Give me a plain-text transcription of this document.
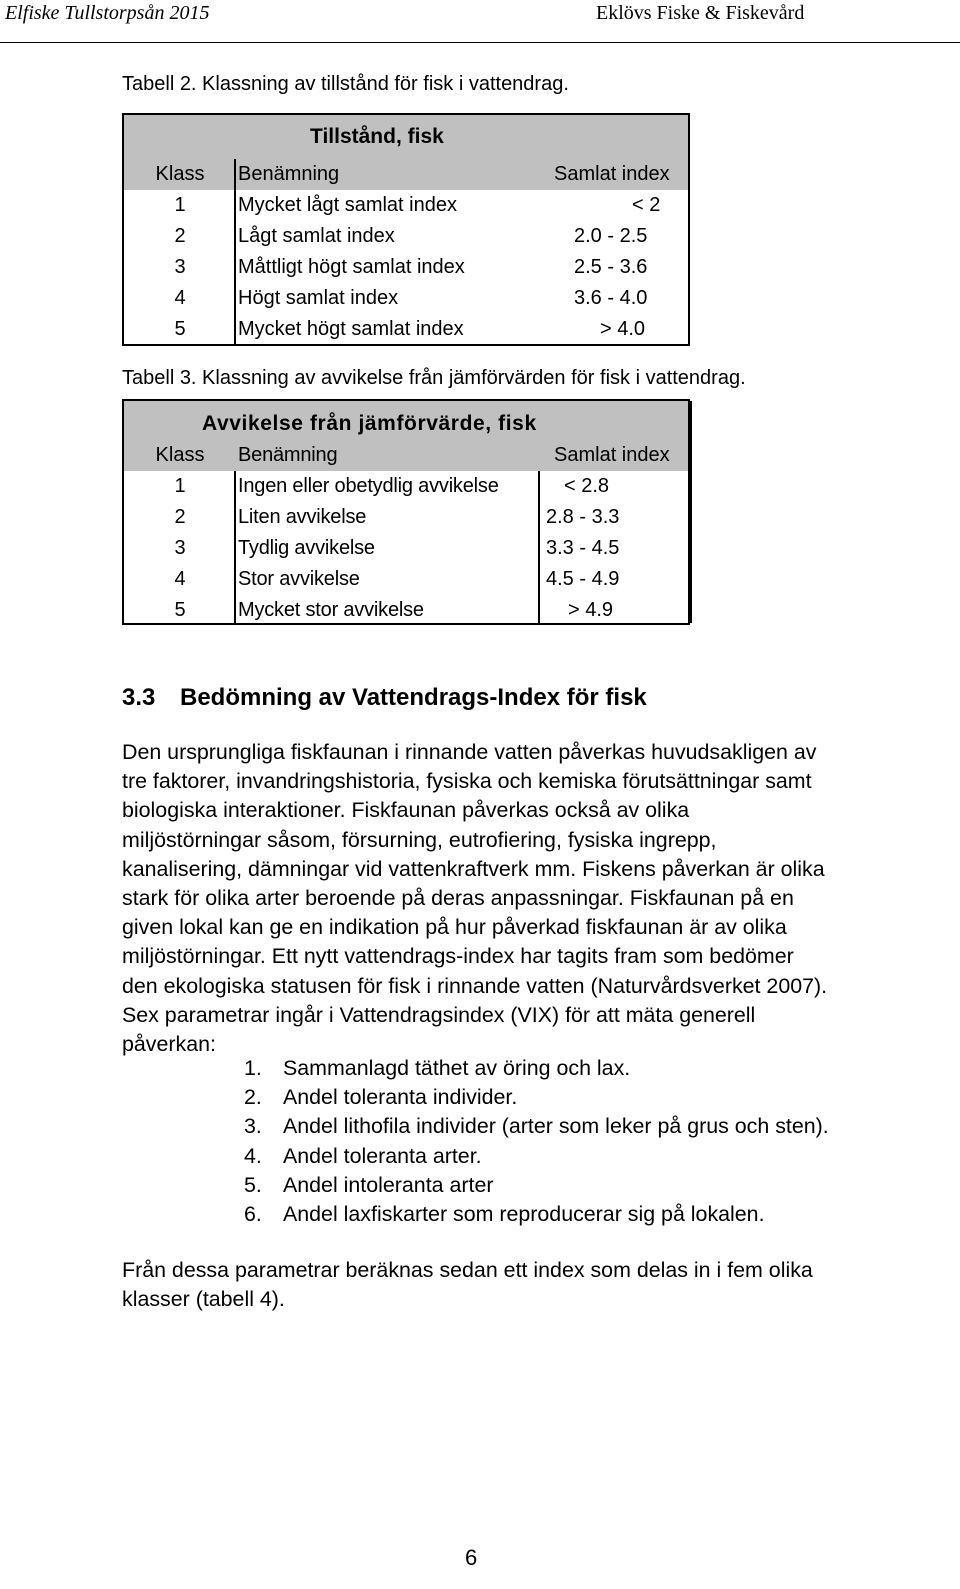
Elfiske Tullstorpsån 2015	Eklövs Fiske & Fiskevård
Tabell 2. Klassning av tillstånd för fisk i vattendrag.
Tillstånd, fisk
Klass	Benämning	Samlat index
1	Mycket lågt samlat index	< 2
2	Lågt samlat index	2.0 - 2.5
3	Måttligt högt samlat index	2.5 - 3.6
4	Högt samlat index	3.6 - 4.0
5	Mycket högt samlat index	> 4.0
Tabell 3. Klassning av avvikelse från jämförvärden för fisk i vattendrag.
Avvikelse från jämförvärde, fisk
Klass	Benämning	Samlat index
1	Ingen eller obetydlig avvikelse	< 2.8
2	Liten avvikelse	2.8 - 3.3
3	Tydlig avvikelse	3.3 - 4.5
4	Stor avvikelse	4.5 - 4.9
5	Mycket stor avvikelse	> 4.9
3.3 Bedömning av Vattendrags-Index för fisk
Den ursprungliga fiskfaunan i rinnande vatten påverkas huvudsakligen av
tre faktorer, invandringshistoria, fysiska och kemiska förutsättningar samt
biologiska interaktioner. Fiskfaunan påverkas också av olika
miljöstörningar såsom, försurning, eutrofiering, fysiska ingrepp,
kanalisering, dämningar vid vattenkraftverk mm. Fiskens påverkan är olika
stark för olika arter beroende på deras anpassningar. Fiskfaunan på en
given lokal kan ge en indikation på hur påverkad fiskfaunan är av olika
miljöstörningar. Ett nytt vattendrags-index har tagits fram som bedömer
den ekologiska statusen för fisk i rinnande vatten (Naturvårdsverket 2007).
Sex parametrar ingår i Vattendragsindex (VIX) för att mäta generell
påverkan:
1. Sammanlagd täthet av öring och lax.
2. Andel toleranta individer.
3. Andel lithofila individer (arter som leker på grus och sten).
4. Andel toleranta arter.
5. Andel intoleranta arter
6. Andel laxfiskarter som reproducerar sig på lokalen.
Från dessa parametrar beräknas sedan ett index som delas in i fem olika
klasser (tabell 4).
6
